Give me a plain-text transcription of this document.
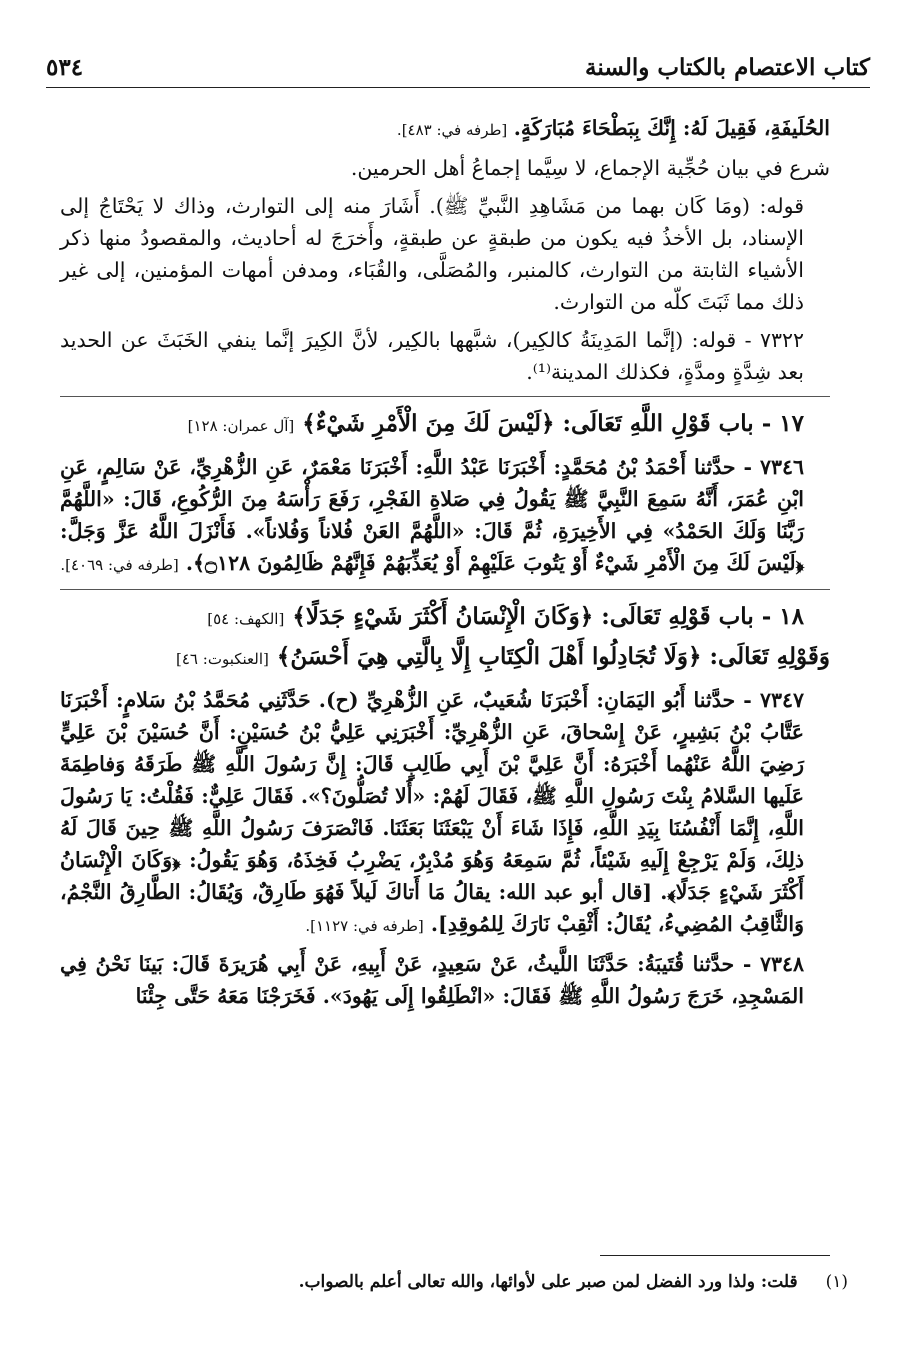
كتاب الاعتصام بالكتاب والسنة
٥٣٤

الحُلَيفَةِ، فَقِيلَ لَهُ: إِنَّكَ بِبَطْحَاءَ مُبَارَكَةٍ. [طرفه في: ٤٨٣].

شرع في بيان حُجِّية الإجماع، لا سِيَّما إجماعُ أهل الحرمين.

قوله: (ومَا كَان بهما من مَشَاهِدِ النَّبيِّ ﷺ). أَشَارَ منه إلى التوارث، وذاك لا يَحْتَاجُ إلى الإسناد، بل الأخذُ فيه يكون من طبقةٍ عن طبقةٍ، وأَخرَجَ له أحاديث، والمقصودُ منها ذكر الأشياء الثابتة من التوارث، كالمنبر، والمُصَلَّى، والقُبَاء، ومدفن أمهات المؤمنين، إلى غير ذلك مما ثَبَتَ كلّه من التوارث.

٧٣٢٢ - قوله: (إنَّما المَدِينَةُ كالكِير)، شبَّهها بالكِير، لأنَّ الكِيرَ إنَّما ينفي الخَبَثَ عن الحديد بعد شِدَّةٍ ومدَّةٍ، فكذلك المدينة⁽¹⁾.

١٧ - باب قَوْلِ اللَّهِ تَعَالَى: ﴿لَيْسَ لَكَ مِنَ الْأَمْرِ شَيْءٌ﴾ [آل عمران: ١٢٨]

٧٣٤٦ - حدَّثنا أَحْمَدُ بْنُ مُحَمَّدٍ: أَخْبَرَنَا عَبْدُ اللَّهِ: أَخْبَرَنَا مَعْمَرٌ، عَنِ الزُّهْرِيِّ، عَنْ سَالِمٍ، عَنِ ابْنِ عُمَرَ، أَنَّهُ سَمِعَ النَّبِيَّ ﷺ يَقُولُ فِي صَلاةِ الفَجْرِ، رَفَعَ رَأْسَهُ مِنَ الرُّكُوعِ، قَالَ: «اللَّهُمَّ رَبَّنَا وَلَكَ الحَمْدُ» فِي الأَخِيرَةِ، ثُمَّ قَالَ: «اللَّهُمَّ العَنْ فُلاناً وَفُلاناً». فَأَنْزَلَ اللَّهُ عَزَّ وَجَلَّ: ﴿لَيْسَ لَكَ مِنَ الْأَمْرِ شَيْءٌ أَوْ يَتُوبَ عَلَيْهِمْ أَوْ يُعَذِّبَهُمْ فَإِنَّهُمْ ظَالِمُونَ ۝١٢٨﴾. [طرفه في: ٤٠٦٩].

١٨ - باب قَوْلِهِ تَعَالَى: ﴿وَكَانَ الْإِنْسَانُ أَكْثَرَ شَيْءٍ جَدَلًا﴾ [الكهف: ٥٤]

وَقَوْلِهِ تَعَالَى: ﴿وَلَا تُجَادِلُوا أَهْلَ الْكِتَابِ إِلَّا بِالَّتِي هِيَ أَحْسَنُ﴾ [العنكبوت: ٤٦]

٧٣٤٧ - حدَّثنا أَبُو اليَمَانِ: أَخْبَرَنَا شُعَيبٌ، عَنِ الزُّهْرِيِّ (ح). حَدَّثَنِي مُحَمَّدُ بْنُ سَلامٍ: أَخْبَرَنَا عَتَّابُ بْنُ بَشِيرٍ، عَنْ إِسْحاقَ، عَنِ الزُّهْرِيِّ: أَخْبَرَنِي عَلِيُّ بْنُ حُسَيْنٍ: أَنَّ حُسَيْنَ بْنَ عَلِيٍّ رَضِيَ اللَّهُ عَنْهُما أَخْبَرَهُ: أَنَّ عَلِيَّ بْنَ أَبِي طَالِبٍ قَالَ: إِنَّ رَسُولَ اللَّهِ ﷺ طَرَقَهُ وَفاطِمَةَ عَلَيها السَّلامُ بِنْتَ رَسُولِ اللَّهِ ﷺ، فَقَالَ لَهُمْ: «أَلا تُصَلُّونَ؟». فَقَالَ عَلِيٌّ: فَقُلْتُ: يَا رَسُولَ اللَّهِ، إِنَّمَا أَنْفُسُنَا بِيَدِ اللَّهِ، فَإِذَا شَاءَ أَنْ يَبْعَثَنَا بَعَثَنَا. فَانْصَرَفَ رَسُولُ اللَّهِ ﷺ حِينَ قَالَ لَهُ ذلِكَ، وَلَمْ يَرْجِعْ إِلَيهِ شَيْئاً، ثُمَّ سَمِعَهُ وَهُوَ مُدْبِرٌ، يَضْرِبُ فَخِذَهُ، وَهُوَ يَقُولُ: ﴿وَكَانَ الْإِنْسَانُ أَكْثَرَ شَيْءٍ جَدَلًا﴾. [قال أبو عبد الله: يقالُ مَا أَتاكَ لَيلاً فَهُوَ طَارِقٌ، وَيُقَالُ: الطَّارِقُ النَّجْمُ، وَالثَّاقِبُ المُضِيءُ، يُقَالُ: أَثْقِبْ نَارَكَ لِلمُوقِدِ]. [طرفه في: ١١٢٧].

٧٣٤٨ - حدَّثنا قُتَيبَةُ: حَدَّثَنَا اللَّيثُ، عَنْ سَعِيدٍ، عَنْ أَبِيهِ، عَنْ أَبِي هُرَيرَةَ قَالَ: بَينَا نَحْنُ فِي المَسْجِدِ، خَرَجَ رَسُولُ اللَّهِ ﷺ فَقَالَ: «انْطَلِقُوا إِلَى يَهُودَ». فَخَرَجْنَا مَعَهُ حَتَّى جِئْنَا

(١) قلت: ولذا ورد الفضل لمن صبر على لأوائها، والله تعالى أعلم بالصواب.
